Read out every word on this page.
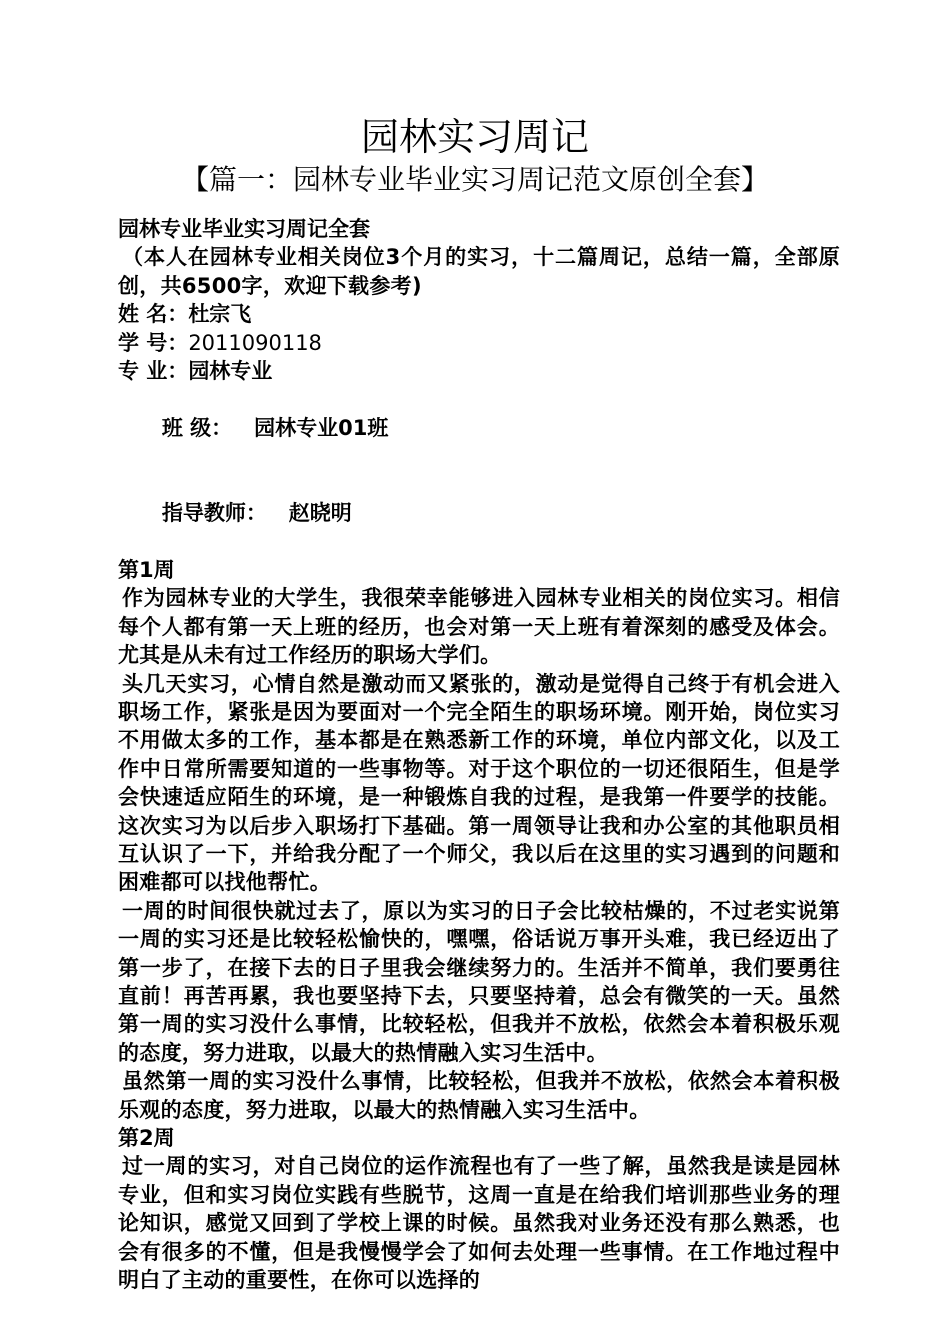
园林实习周记
【篇一：园林专业毕业实习周记范文原创全套】

园林专业毕业实习周记全套

（本人在园林专业相关岗位3个月的实习，十二篇周记，总结一篇，全部原创，共6500字，欢迎下载参考)

姓 名：杜宗飞

学 号：2011090118

专 业：园林专业

班 级：   园林专业01班

指导教师：   赵晓明

第1周

作为园林专业的大学生，我很荣幸能够进入园林专业相关的岗位实习。相信每个人都有第一天上班的经历，也会对第一天上班有着深刻的感受及体会。尤其是从未有过工作经历的职场大学们。

头几天实习，心情自然是激动而又紧张的，激动是觉得自己终于有机会进入职场工作，紧张是因为要面对一个完全陌生的职场环境。刚开始，岗位实习不用做太多的工作，基本都是在熟悉新工作的环境，单位内部文化，以及工作中日常所需要知道的一些事物等。对于这个职位的一切还很陌生，但是学会快速适应陌生的环境，是一种锻炼自我的过程，是我第一件要学的技能。这次实习为以后步入职场打下基础。第一周领导让我和办公室的其他职员相互认识了一下，并给我分配了一个师父，我以后在这里的实习遇到的问题和困难都可以找他帮忙。

一周的时间很快就过去了，原以为实习的日子会比较枯燥的，不过老实说第一周的实习还是比较轻松愉快的，嘿嘿，俗话说万事开头难，我已经迈出了第一步了，在接下去的日子里我会继续努力的。生活并不简单，我们要勇往直前！再苦再累，我也要坚持下去，只要坚持着，总会有微笑的一天。虽然第一周的实习没什么事情，比较轻松，但我并不放松，依然会本着积极乐观的态度，努力进取，以最大的热情融入实习生活中。

虽然第一周的实习没什么事情，比较轻松，但我并不放松，依然会本着积极乐观的态度，努力进取，以最大的热情融入实习生活中。

第2周

过一周的实习，对自己岗位的运作流程也有了一些了解，虽然我是读是园林专业，但和实习岗位实践有些脱节，这周一直是在给我们培训那些业务的理论知识，感觉又回到了学校上课的时候。虽然我对业务还没有那么熟悉，也会有很多的不懂，但是我慢慢学会了如何去处理一些事情。在工作地过程中明白了主动的重要性，在你可以选择的
